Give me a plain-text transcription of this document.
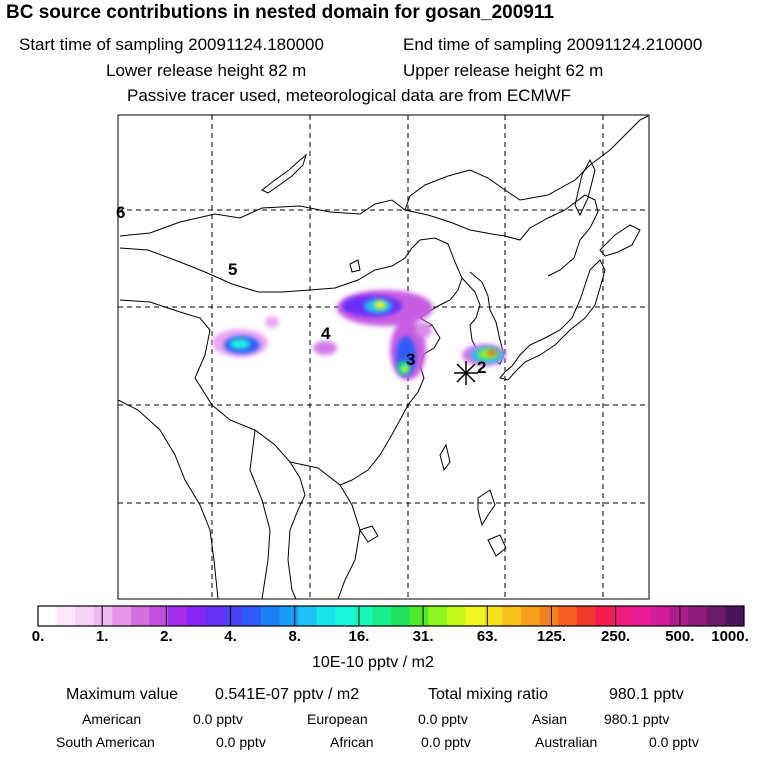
BC source contributions in nested domain for gosan_200911
Start time of sampling 20091124.180000	End time of sampling 20091124.210000
Lower release height 82 m	Upper release height 62 m
Passive tracer used, meteorological data are from ECMWF
6
5
4
3	2
0.	1.	2.	4.	8.	16.	31.	63.	125. 250. 500. 1000.
10E-10 pptv / m2
Maximum value 0.541E-07 pptv / m2	Total mixing ratio	980.1 pptv
American	0.0 pptv	European	0.0 pptv	Asian	980.1 pptv
South American	0.0 pptv	African	0.0 pptv	Australian	0.0 pptv
